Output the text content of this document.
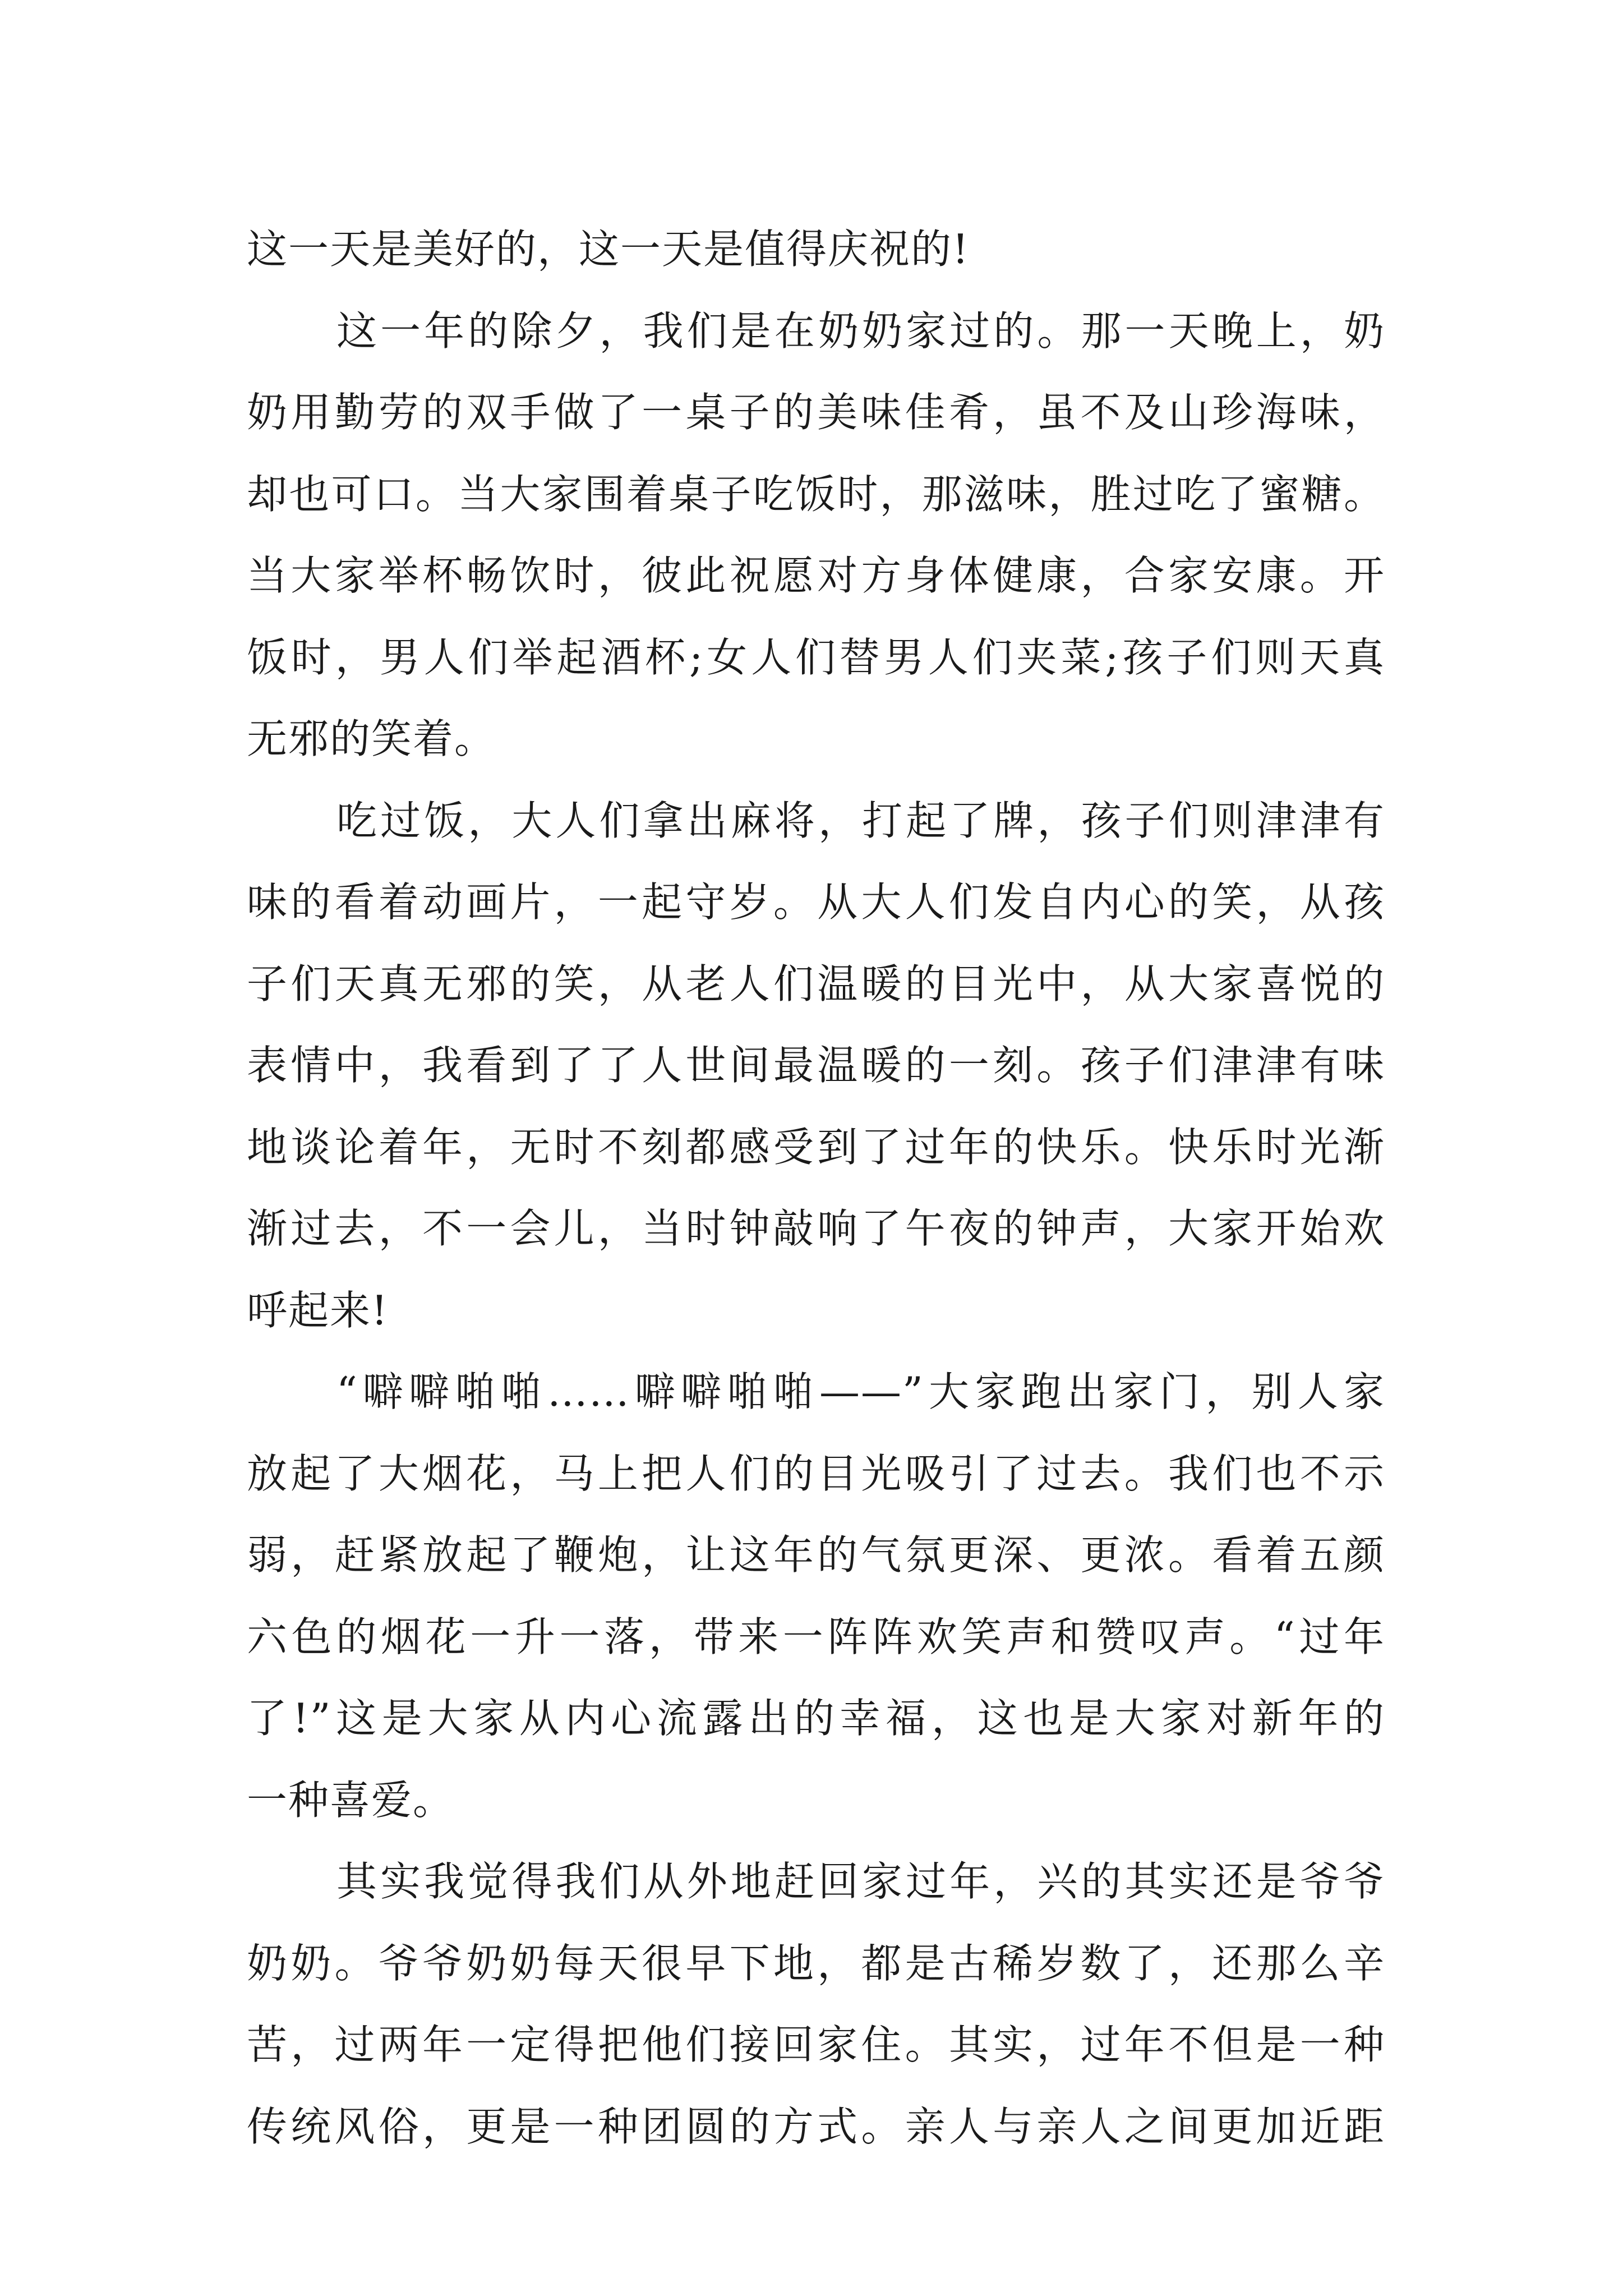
这一天是美好的，这一天是值得庆祝的!

这一年的除夕，我们是在奶奶家过的。那一天晚上，奶
奶用勤劳的双手做了一桌子的美味佳肴，虽不及山珍海味，
却也可口。当大家围着桌子吃饭时，那滋味，胜过吃了蜜糖。
当大家举杯畅饮时，彼此祝愿对方身体健康，合家安康。开
饭时，男人们举起酒杯;女人们替男人们夹菜;孩子们则天真
无邪的笑着。

吃过饭，大人们拿出麻将，打起了牌，孩子们则津津有
味的看着动画片，一起守岁。从大人们发自内心的笑，从孩
子们天真无邪的笑，从老人们温暖的目光中，从大家喜悦的
表情中，我看到了了人世间最温暖的一刻。孩子们津津有味
地谈论着年，无时不刻都感受到了过年的快乐。快乐时光渐
渐过去，不一会儿，当时钟敲响了午夜的钟声，大家开始欢
呼起来!

“噼噼啪啪……噼噼啪啪——”大家跑出家门，别人家
放起了大烟花，马上把人们的目光吸引了过去。我们也不示
弱，赶紧放起了鞭炮，让这年的气氛更深、更浓。看着五颜
六色的烟花一升一落，带来一阵阵欢笑声和赞叹声。“过年
了!”这是大家从内心流露出的幸福，这也是大家对新年的
一种喜爱。

其实我觉得我们从外地赶回家过年，兴的其实还是爷爷
奶奶。爷爷奶奶每天很早下地，都是古稀岁数了，还那么辛
苦，过两年一定得把他们接回家住。其实，过年不但是一种
传统风俗，更是一种团圆的方式。亲人与亲人之间更加近距
